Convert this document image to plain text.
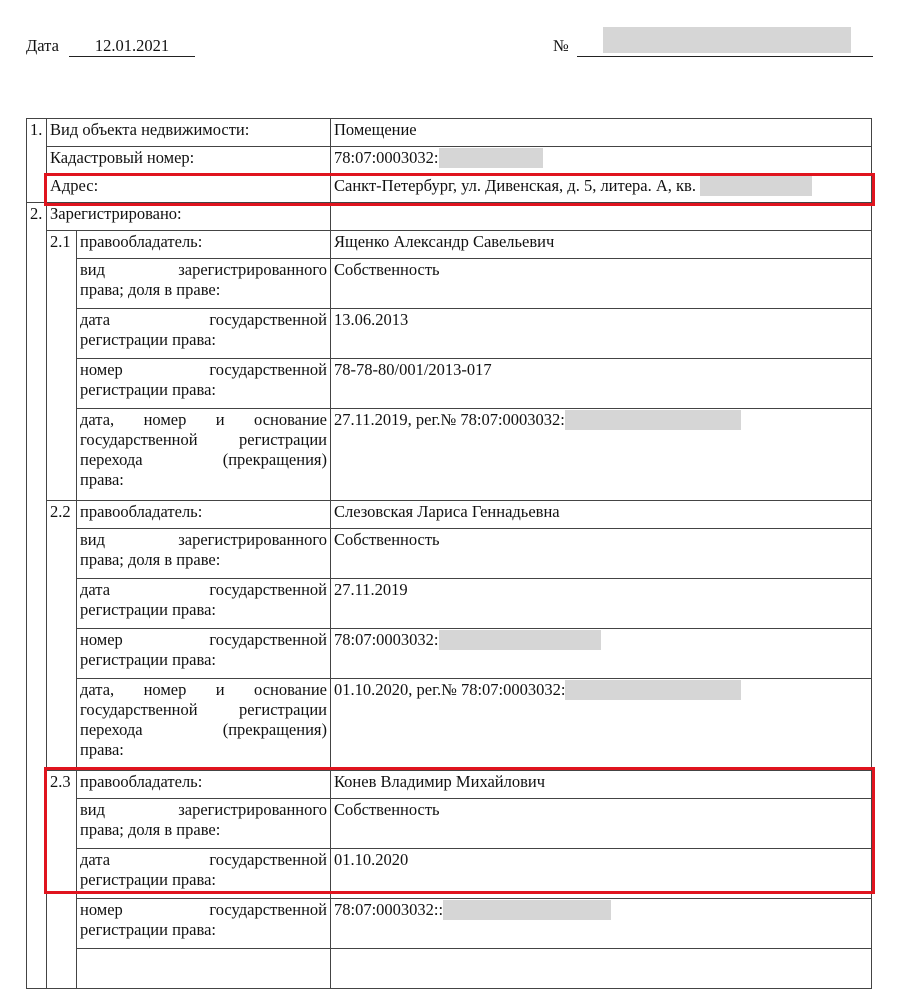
Дата 12.01.2021	№
1.	Вид объекта недвижимости:		Помещение
	Кадастровый номер:		78:07:0003032:
	Адрес:		Санкт-Петербург, ул. Дивенская, д. 5, литера. А, кв.
2.	Зарегистрировано:		
	2.1	правообладатель:	Ященко Александр Савельевич

		вид зарегистрированного
права; доля в праве:	Собственность

		дата государственной
регистрации права:	13.06.2013

		номер государственной
регистрации права:	78-78-80/001/2013-017

		дата, номер и основание
государственной регистрации
перехода (прекращения)
права:	27.11.2019, рег.№ 78:07:0003032:
	2.2	правообладатель:	Слезовская Лариса Геннадьевна

		вид зарегистрированного
права; доля в праве:	Собственность

		дата государственной
регистрации права:	27.11.2019

		номер государственной
регистрации права:	78:07:0003032:

		дата, номер и основание
государственной регистрации
перехода (прекращения)
права:	01.10.2020, рег.№ 78:07:0003032:
	2.3	правообладатель:	Конев Владимир Михайлович

		вид зарегистрированного
права; доля в праве:	Собственность

		дата государственной
регистрации права:	01.10.2020

		номер государственной
регистрации права:	78:07:0003032::
